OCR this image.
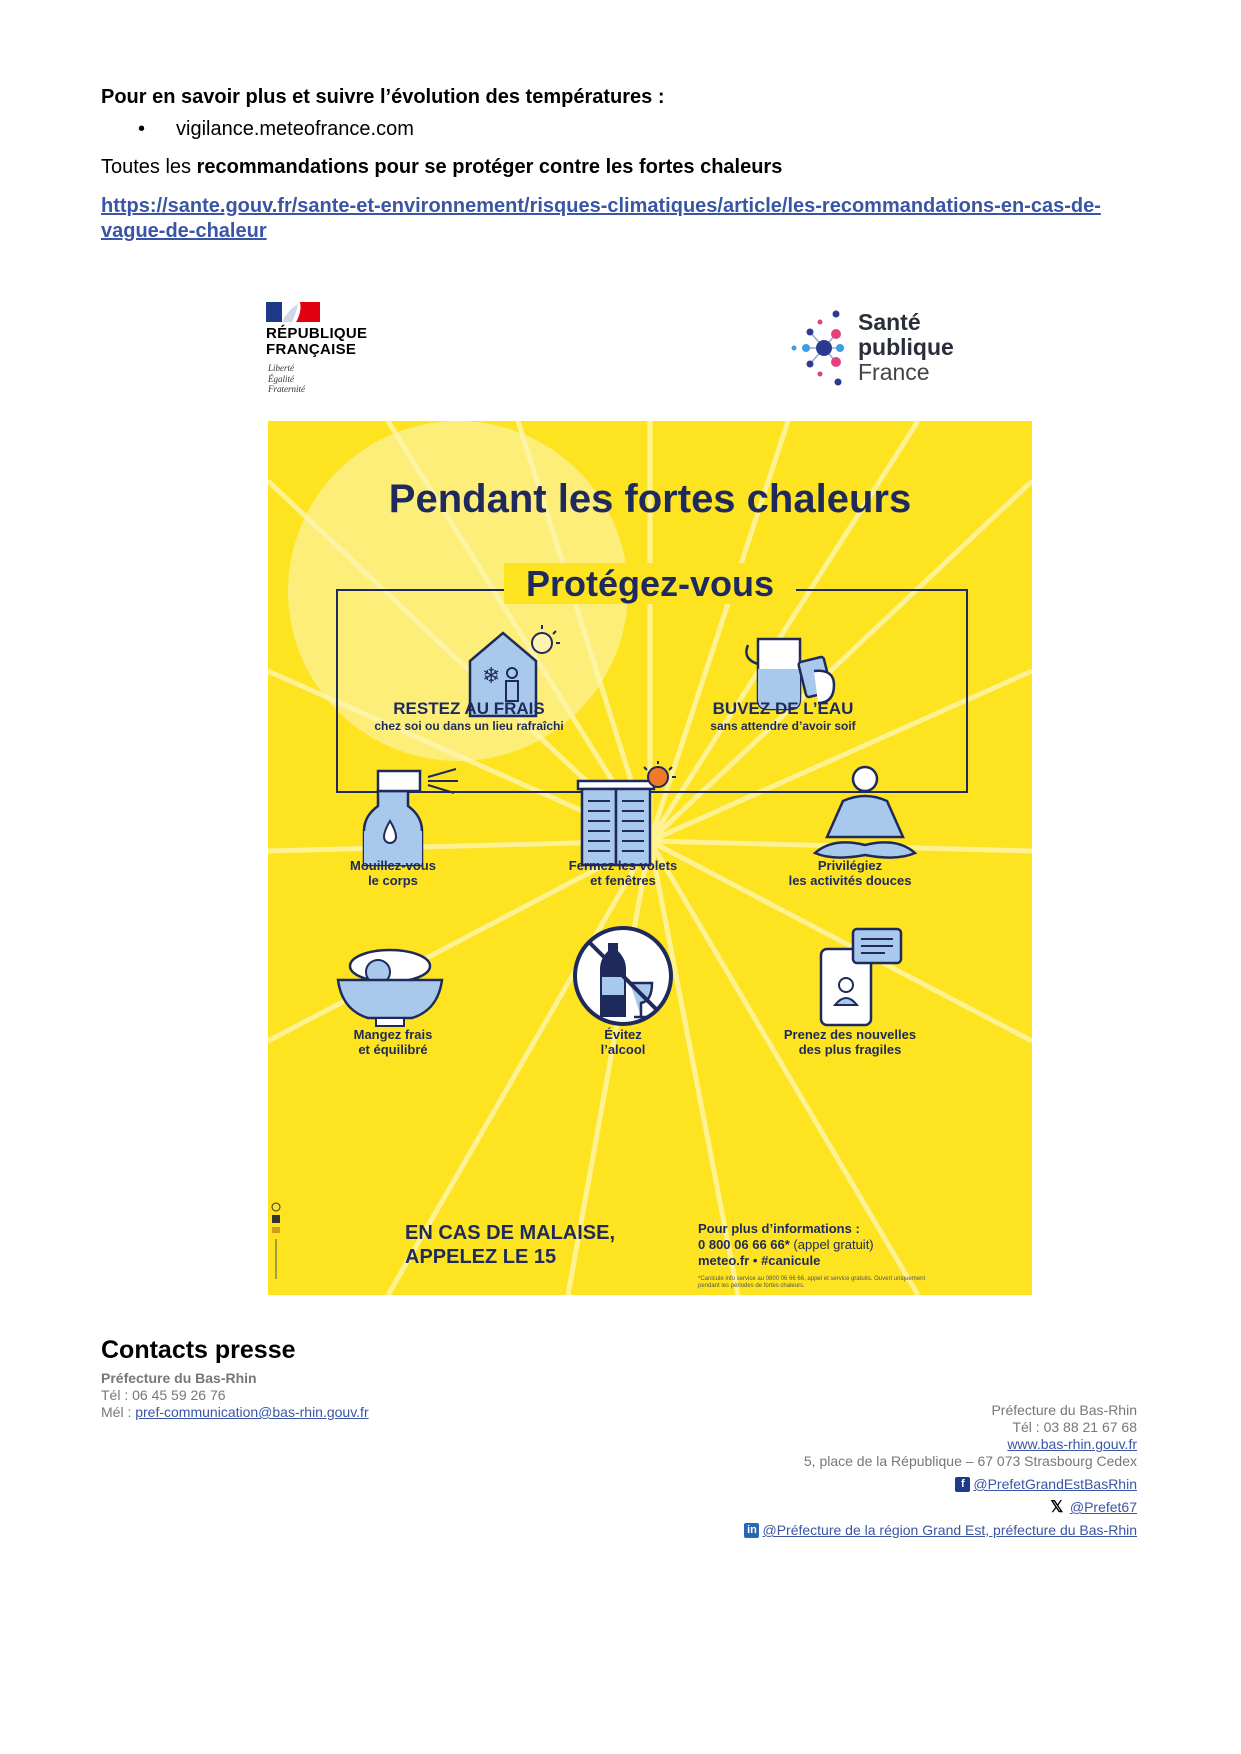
Pour en savoir plus et suivre l’évolution des températures :
• vigilance.meteofrance.com
Toutes les recommandations pour se protéger contre les fortes chaleurs
https://sante.gouv.fr/sante-et-environnement/risques-climatiques/article/les-recommandations-en-cas-de-vague-de-chaleur
RÉPUBLIQUE
FRANÇAISE
Liberté
Égalité
Fraternité
Santé
publique
France
Pendant les fortes chaleurs
Protégez-vous
❄
RESTEZ AU FRAIS
chez soi ou dans un lieu rafraîchi
BUVEZ DE L’EAU
sans attendre d’avoir soif
Mouillez-vous
le corps
Fermez les volets
et fenêtres
Privilégiez
les activités douces
Mangez frais
et équilibré
Évitez
l’alcool
Prenez des nouvelles
des plus fragiles
EN CAS DE MALAISE,
APPELEZ LE 15
Pour plus d’informations :
0 800 06 66 66* (appel gratuit)
meteo.fr • #canicule
*Canicule info service au 0800 06 66 66, appel et service gratuits. Ouvert uniquement pendant les périodes de fortes chaleurs.
Contacts presse
Préfecture du Bas-Rhin
Tél : 06 45 59 26 76
Mél : pref-communication@bas-rhin.gouv.fr	Préfecture du Bas-Rhin
Tél : 03 88 21 67 68
www.bas-rhin.gouv.fr
5, place de la République – 67 073 Strasbourg Cedex
f @PrefetGrandEstBasRhin
𝕏 @Prefet67
in @Préfecture de la région Grand Est, préfecture du Bas-Rhin
